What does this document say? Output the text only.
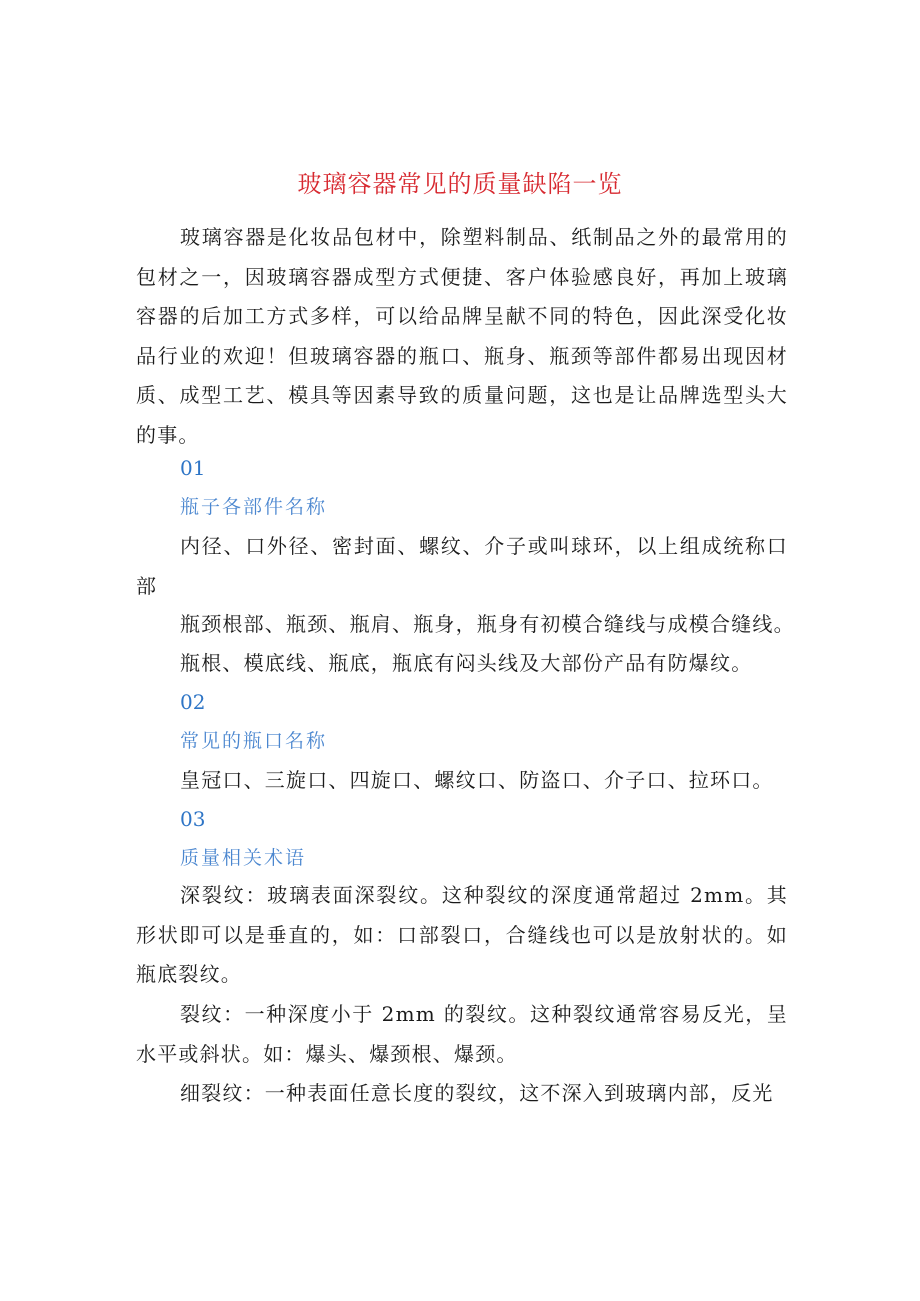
玻璃容器常见的质量缺陷一览

玻璃容器是化妆品包材中，除塑料制品、纸制品之外的最常用的包材之一，因玻璃容器成型方式便捷、客户体验感良好，再加上玻璃容器的后加工方式多样，可以给品牌呈献不同的特色，因此深受化妆品行业的欢迎！但玻璃容器的瓶口、瓶身、瓶颈等部件都易出现因材质、成型工艺、模具等因素导致的质量问题，这也是让品牌选型头大的事。

01
瓶子各部件名称

内径、口外径、密封面、螺纹、介子或叫球环，以上组成统称口部

瓶颈根部、瓶颈、瓶肩、瓶身，瓶身有初模合缝线与成模合缝线。
瓶根、模底线、瓶底，瓶底有闷头线及大部份产品有防爆纹。
02
常见的瓶口名称
皇冠口、三旋口、四旋口、螺纹口、防盗口、介子口、拉环口。
03
质量相关术语

深裂纹：玻璃表面深裂纹。这种裂纹的深度通常超过 2mm。其形状即可以是垂直的，如：口部裂口，合缝线也可以是放射状的。如瓶底裂纹。

裂纹：一种深度小于 2mm 的裂纹。这种裂纹通常容易反光，呈水平或斜状。如：爆头、爆颈根、爆颈。

细裂纹：一种表面任意长度的裂纹，这不深入到玻璃内部，反光
